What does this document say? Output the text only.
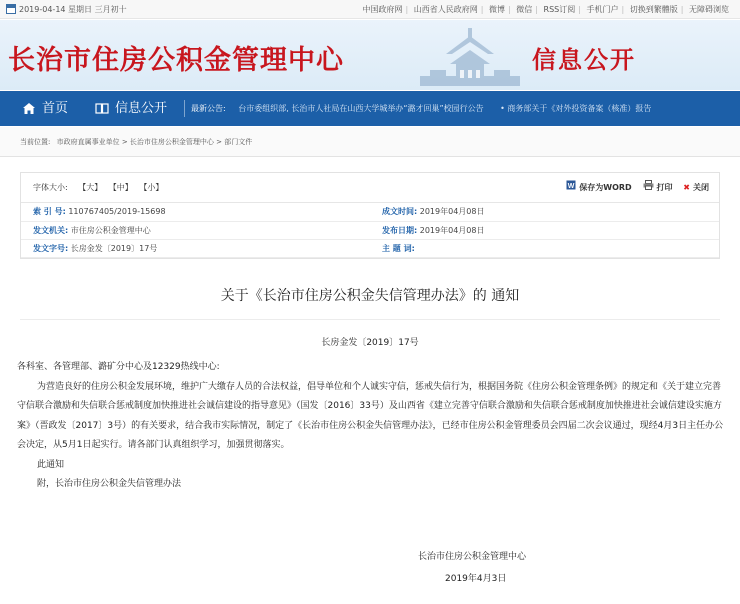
2019-04-14 星期日 三月初十	中国政府网 | 山西省人民政府网 | 微博 | 微信 | RSS订阅 | 手机门户 | 切换到繁體版 | 无障碍浏览
长治市住房公积金管理中心	信息公开
首页	信息公开	最新公告: 台市委组织部, 长治市人社局在山西大学城举办“潞才回巢”校园行公告 • 商务部关于《对外投资备案（核准）报告
当前位置: 市政府直属事业单位 > 长治市住房公积金管理中心 > 部门文件
字体大小: 【大】 【中】 【小】	W 保存为WORD
	打印
✖ 关闭
索 引 号: 110767405/2019-15698	成文时间: 2019年04月08日
发文机关: 市住房公积金管理中心	发布日期: 2019年04月08日
发文字号: 长房金发〔2019〕17号	主 题 词:
关于《长治市住房公积金失信管理办法》的 通知
长房金发〔2019〕17号

各科室、各管理部、潞矿分中心及12329热线中心:

为营造良好的住房公积金发展环境，维护广大缴存人员的合法权益，倡导单位和个人诚实守信，惩戒失信行为，根据国务院《住房公积金管理条例》的规定和《关于建立完善守信联合激励和失信联合惩戒制度加快推进社会诚信建设的指导意见》（国发〔2016〕33号）及山西省《建立完善守信联合激励和失信联合惩戒制度加快推进社会诚信建设实施方案》（晋政发〔2017〕3号）的有关要求，结合我市实际情况，制定了《长治市住房公积金失信管理办法》，已经市住房公积金管理委员会四届二次会议通过，现经4月3日主任办公会决定，从5月1日起实行。请各部门认真组织学习，加强贯彻落实。

此通知

附，长治市住房公积金失信管理办法

长治市住房公积金管理中心
2019年4月3日
